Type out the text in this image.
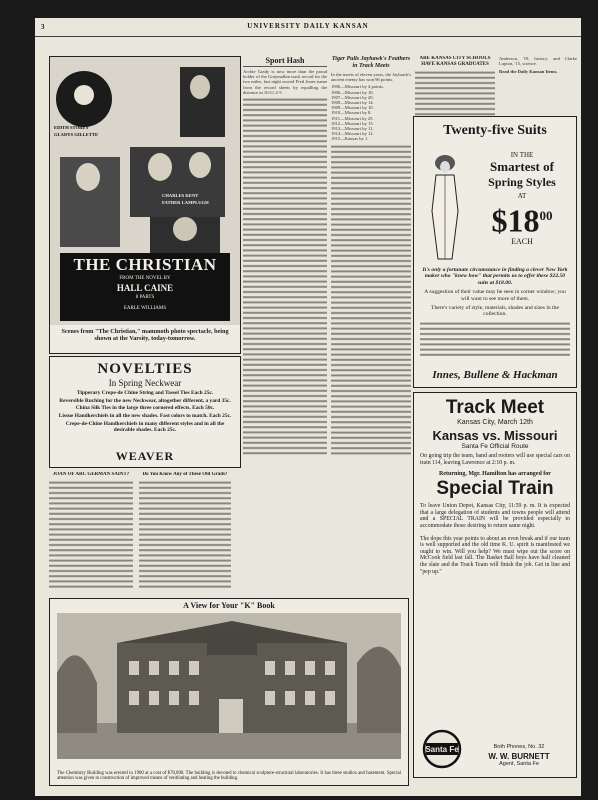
3	UNIVERSITY DAILY KANSAN
EDITH STOREY
GLADYS GILLETTE
CHARLES KENT
FATHER LAMPLUGH
THE CHRISTIAN
FROM THE NOVEL BY
HALL CAINE
8 PARTS
EARLE WILLIAMS
Scenes from "The Christian," mammoth photo spectacle, being shown at the Varsity, today-tomorrow.
NOVELTIES
In Spring Neckwear
Tipperary Crepe-de Chine String and Tassel Ties Each 25c.
Reversible Ruching for the new Neckwear, altogether different, a yard 35c.
China Silk Ties in the large three cornered effects. Each 50c.
Lissue Handkerchiefs in all the new shades. Fast colors to match. Each 25c.
Crepe-de-Chine Handkerchiefs in many different styles and in all the desirable shades. Each 25c.
WEAVER
Sport Hash
Archie Grady is now more than the proud holder of the Graymalkin track record for the two miles, last night scored Fred Jones name from the record sheets by equalling the distance in 10:11 2-5.
Tiger Pulls Jayhawk's Feathers in Track Meets
In the meets of eleven years, the Jayhawk's ancient enemy has won 96 points.
1906—Missouri by 4 points.
1906—Missouri by 10.
1907—Missouri by 20.
1908—Missouri by 14.
1909—Missouri by 10.
1910—Missouri by 8.
1911—Missouri by 25.
1912—Missouri by 15.
1913—Missouri by 11.
1914—Missouri by 12.
1915—Kansas by 1.
ARE KANSAS CITY SCHOOLS HAVE KANSAS GRADUATES
Anderson, '19, history; and Clarke Lupton, '15, science.
Read the Daily Kansan Items.
Twenty-five Suits
IN THE
Smartest of
Spring Styles
AT
$\$18^{00}$
EACH
It's only a fortunate circumstance in finding a clever New York maker who "knew how" that permits us to offer these $22.50 suits at $18.00.
A suggestion of their value may be seen in corner window; you will want to see more of them.
There's variety of style, materials, shades and sizes in the collection.
Innes, Bullene & Hackman
Track Meet
Kansas City, March 12th
Kansas vs. Missouri
Santa Fe Official Route
On going trip the team, band and rooters will use special cars on train 114, leaving Lawrence at 2:10 p. m.
Returning, Mgr. Hamilton has arranged for
Special Train
To leave Union Depot, Kansas City, 11:59 p. m. It is expected that a large delegation of students and towns people will attend and a SPECIAL TRAIN will be provided especially to accommodate those desiring to return same night.
The dope this year points to about an even break and if our team is well supported and the old time K. U. spirit is manifested we ought to win. Will you help? We must wipe out the score on McCook field last fall. The Basket Ball boys have half cleaned the slate and the Track Team will finish the job. Get in line and "pep up."
Santa Fe	Both Phones, No. 32
W. W. BURNETT
Agent, Santa Fe
JOAN OF ARC GERMAN SAINT?	Do You Know Any of These Old Grads?
A View for Your "K" Book
The Chemistry Building was erected in 1900 at a cost of $70,000. The building is devoted to chemical sculpture-structural laboratories. It has three studios and basement. Special attention was given to construction of improved means of ventilating and heating the building.
